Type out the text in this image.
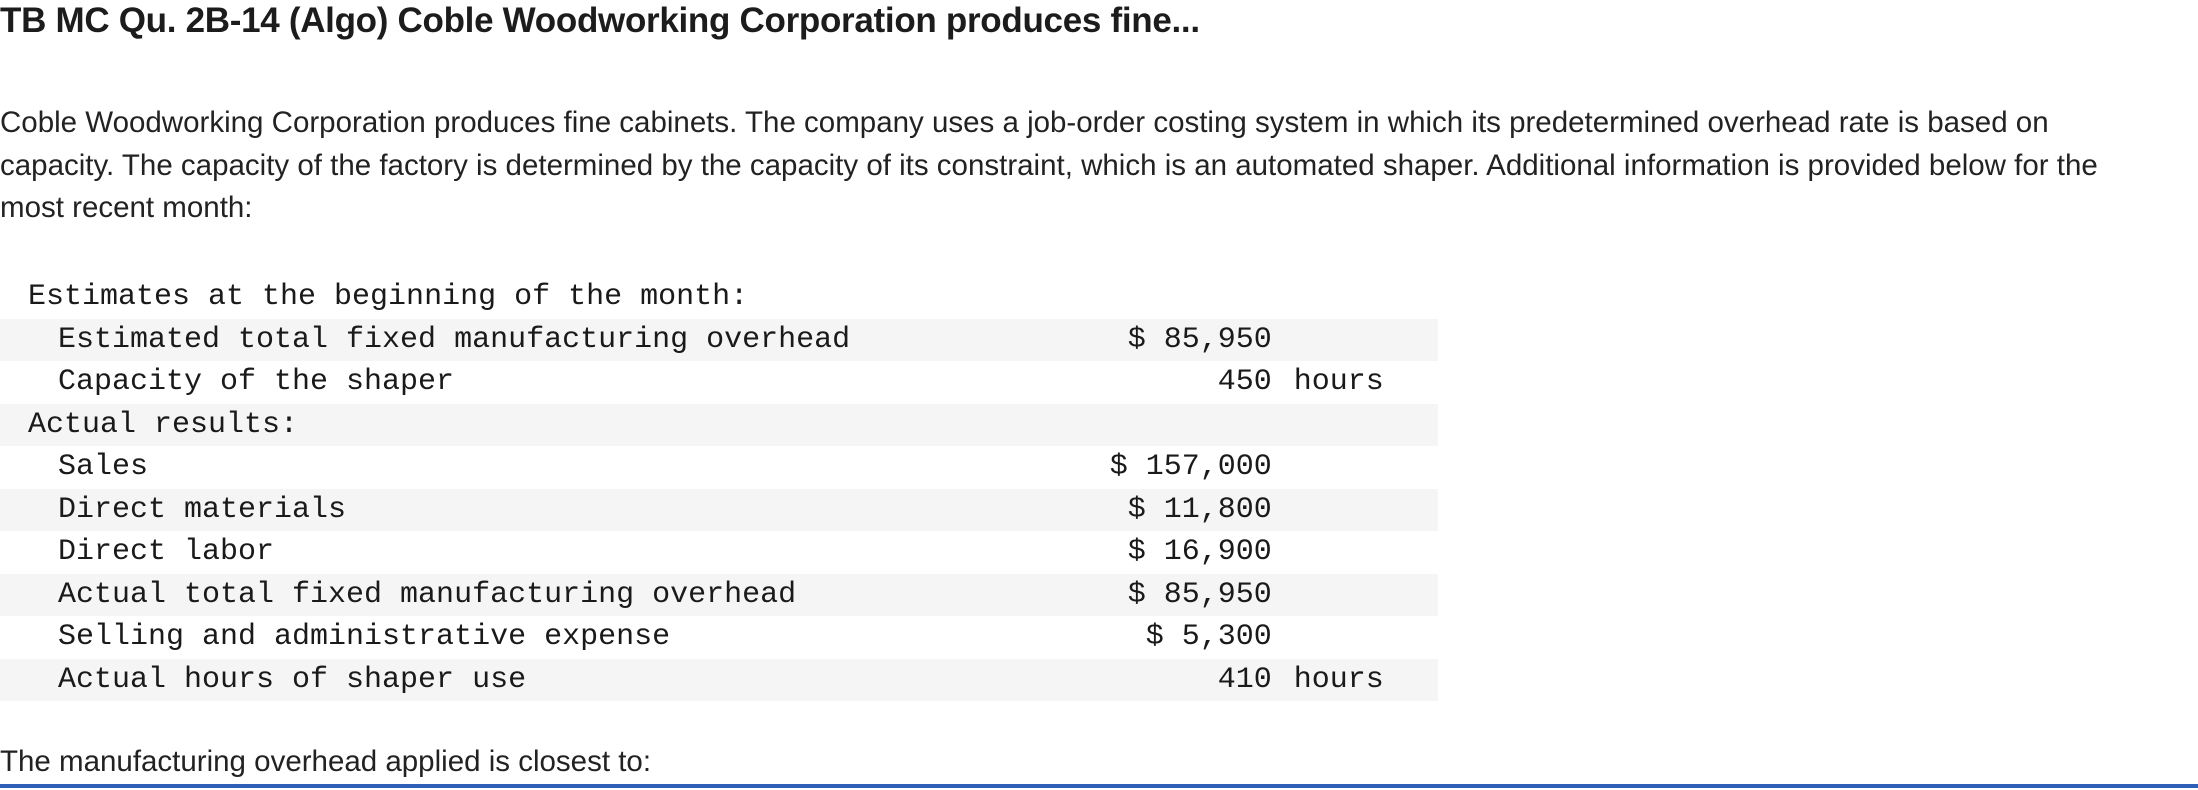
TB MC Qu. 2B-14 (Algo) Coble Woodworking Corporation produces fine...

Coble Woodworking Corporation produces fine cabinets. The company uses a job-order costing system in which its predetermined overhead rate is based on capacity. The capacity of the factory is determined by the capacity of its constraint, which is an automated shaper. Additional information is provided below for the most recent month:

Estimates at the beginning of the month:		
Estimated total fixed manufacturing overhead	$ 85,950	
Capacity of the shaper	450	hours
Actual results:		
Sales	$ 157,000	
Direct materials	$ 11,800	
Direct labor	$ 16,900	
Actual total fixed manufacturing overhead	$ 85,950	
Selling and administrative expense	$ 5,300	
Actual hours of shaper use	410	hours

The manufacturing overhead applied is closest to:
